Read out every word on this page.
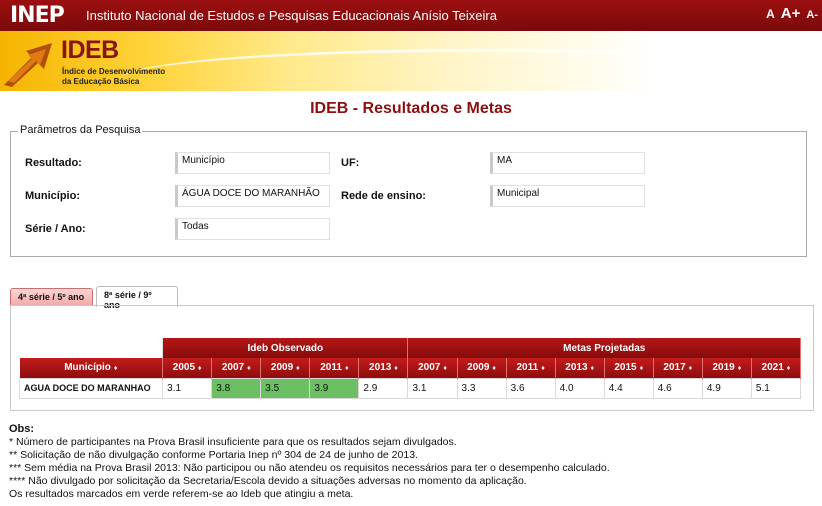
INEP Instituto Nacional de Estudos e Pesquisas Educacionais Anísio Teixeira	A A+ A-
IDEB
Índice de Desenvolvimento
da Educação Básica
IDEB - Resultados e Metas
Parâmetros da Pesquisa
Resultado:	Município	UF:	MA
Município:	ÁGUA DOCE DO MARANHÃO	Rede de ensino:	Municipal
Série / Ano:	Todas
4ª série / 5º ano	8ª série / 9º ano
	Ideb Observado					Metas Projetadas							
Município ♦	2005 ♦	2007 ♦	2009 ♦	2011 ♦	2013 ♦	2007 ♦	2009 ♦	2011 ♦	2013 ♦	2015 ♦	2017 ♦	2019 ♦	2021 ♦
AGUA DOCE DO MARANHAO	3.1	3.8	3.5	3.9	2.9	3.1	3.3	3.6	4.0	4.4	4.6	4.9	5.1
Obs:
* Número de participantes na Prova Brasil insuficiente para que os resultados sejam divulgados.
** Solicitação de não divulgação conforme Portaria Inep nº 304 de 24 de junho de 2013.
*** Sem média na Prova Brasil 2013: Não participou ou não atendeu os requisitos necessários para ter o desempenho calculado.
**** Não divulgado por solicitação da Secretaria/Escola devido a situações adversas no momento da aplicação.
Os resultados marcados em verde referem-se ao Ideb que atingiu a meta.
